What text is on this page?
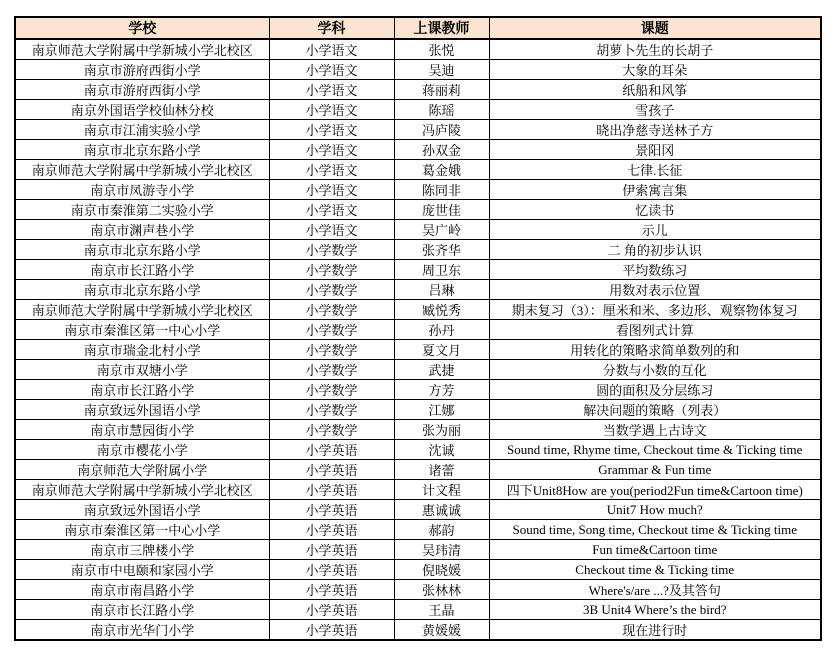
学校	学科	上课教师	课题
南京师范大学附属中学新城小学北校区	小学语文	张悦	胡萝卜先生的长胡子
南京市游府西街小学	小学语文	吴迪	大象的耳朵
南京市游府西街小学	小学语文	蒋丽莉	纸船和风筝
南京外国语学校仙林分校	小学语文	陈瑶	雪孩子
南京市江浦实验小学	小学语文	冯庐陵	晓出净慈寺送林子方
南京市北京东路小学	小学语文	孙双金	景阳冈
南京师范大学附属中学新城小学北校区	小学语文	葛金娥	七律.长征
南京市凤游寺小学	小学语文	陈同非	伊索寓言集
南京市秦淮第二实验小学	小学语文	庞世佳	忆读书
南京市渊声巷小学	小学语文	吴广岭	示儿
南京市北京东路小学	小学数学	张齐华	二 角的初步认识
南京市长江路小学	小学数学	周卫东	平均数练习
南京市北京东路小学	小学数学	吕琳	用数对表示位置
南京师范大学附属中学新城小学北校区	小学数学	臧悦秀	期末复习（3）：厘米和米、多边形、观察物体复习
南京市秦淮区第一中心小学	小学数学	孙丹	看图列式计算
南京市瑞金北村小学	小学数学	夏文月	用转化的策略求简单数列的和
南京市双塘小学	小学数学	武捷	分数与小数的互化
南京市长江路小学	小学数学	方芳	圆的面积及分层练习
南京致远外国语小学	小学数学	江娜	解决问题的策略（列表）
南京市慧园街小学	小学数学	张为丽	当数学遇上古诗文
南京市樱花小学	小学英语	沈诚	Sound time, Rhyme time, Checkout time & Ticking time
南京师范大学附属小学	小学英语	诸蕾	Grammar & Fun time
南京师范大学附属中学新城小学北校区	小学英语	计文程	四下Unit8How are you(period2Fun time&Cartoon time)
南京致远外国语小学	小学英语	惠诚诚	Unit7 How much?
南京市秦淮区第一中心小学	小学英语	郝韵	Sound time, Song time, Checkout time & Ticking time
南京市三牌楼小学	小学英语	吴玮清	Fun time&Cartoon time
南京市中电颐和家园小学	小学英语	倪晓媛	Checkout time & Ticking time
南京市南昌路小学	小学英语	张林林	Where's/are ...?及其答句
南京市长江路小学	小学英语	王晶	3B Unit4 Where’s the bird?
南京市光华门小学	小学英语	黄媛媛	现在进行时
